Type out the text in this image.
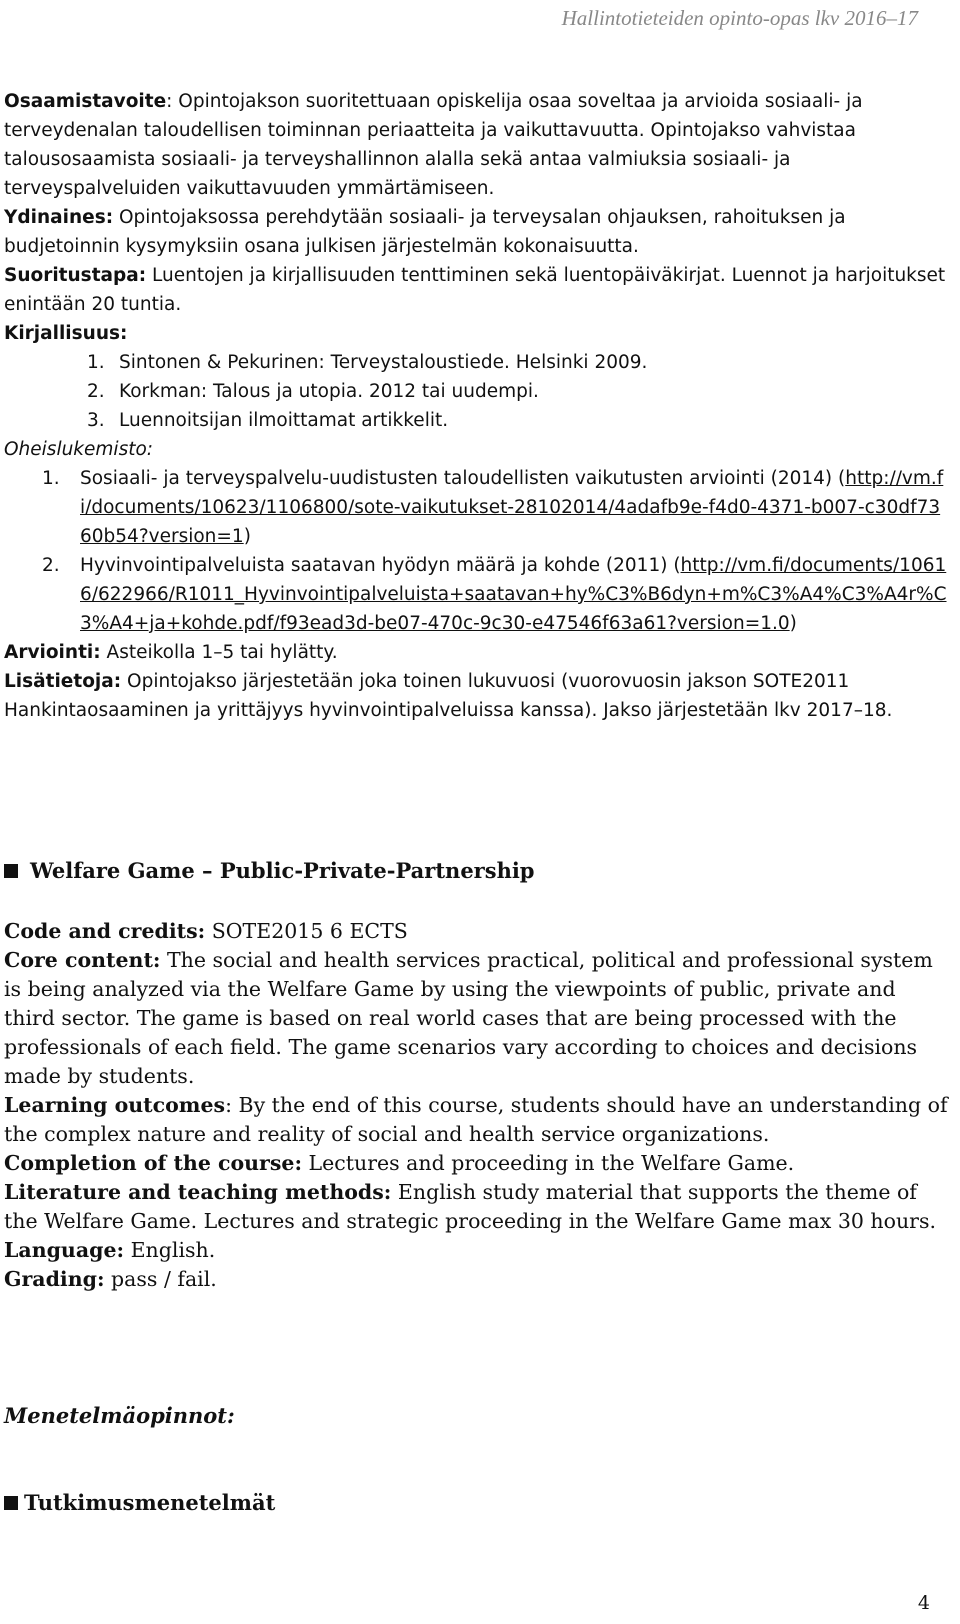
Hallintotieteiden opinto-opas lkv 2016–17

Osaamistavoite: Opintojakson suoritettuaan opiskelija osaa soveltaa ja arvioida sosiaali- ja terveydenalan taloudellisen toiminnan periaatteita ja vaikuttavuutta. Opintojakso vahvistaa talousosaamista sosiaali- ja terveyshallinnon alalla sekä antaa valmiuksia sosiaali- ja terveyspalveluiden vaikuttavuuden ymmärtämiseen.

Ydinaines: Opintojaksossa perehdytään sosiaali- ja terveysalan ohjauksen, rahoituksen ja budjetoinnin kysymyksiin osana julkisen järjestelmän kokonaisuutta.

Suoritustapa: Luentojen ja kirjallisuuden tenttiminen sekä luentopäiväkirjat. Luennot ja harjoitukset enintään 20 tuntia.

Kirjallisuus:

1. Sintonen & Pekurinen: Terveystaloustiede. Helsinki 2009.
2. Korkman: Talous ja utopia. 2012 tai uudempi.
3. Luennoitsijan ilmoittamat artikkelit.

Oheislukemisto:

1. Sosiaali- ja terveyspalvelu-uudistusten taloudellisten vaikutusten arviointi (2014) (http://vm.fi/documents/10623/1106800/sote-vaikutukset-28102014/4adafb9e-f4d0-4371-b007-c30df7360b54?version=1)
2. Hyvinvointipalveluista saatavan hyödyn määrä ja kohde (2011) (http://vm.fi/documents/10616/622966/R1011_Hyvinvointipalveluista+saatavan+hy%C3%B6dyn+m%C3%A4%C3%A4r%C3%A4+ja+kohde.pdf/f93ead3d-be07-470c-9c30-e47546f63a61?version=1.0)

Arviointi: Asteikolla 1–5 tai hylätty.

Lisätietoja: Opintojakso järjestetään joka toinen lukuvuosi (vuorovuosin jakson SOTE2011 Hankintaosaaminen ja yrittäjyys hyvinvointipalveluissa kanssa). Jakso järjestetään lkv 2017–18.

Welfare Game – Public-Private-Partnership

Code and credits: SOTE2015 6 ECTS

Core content: The social and health services practical, political and professional system is being analyzed via the Welfare Game by using the viewpoints of public, private and third sector. The game is based on real world cases that are being processed with the professionals of each field. The game scenarios vary according to choices and decisions made by students.

Learning outcomes: By the end of this course, students should have an understanding of the complex nature and reality of social and health service organizations.

Completion of the course: Lectures and proceeding in the Welfare Game.

Literature and teaching methods: English study material that supports the theme of the Welfare Game. Lectures and strategic proceeding in the Welfare Game max 30 hours.

Language: English.

Grading: pass / fail.

Menetelmäopinnot:
Tutkimusmenetelmät
4
